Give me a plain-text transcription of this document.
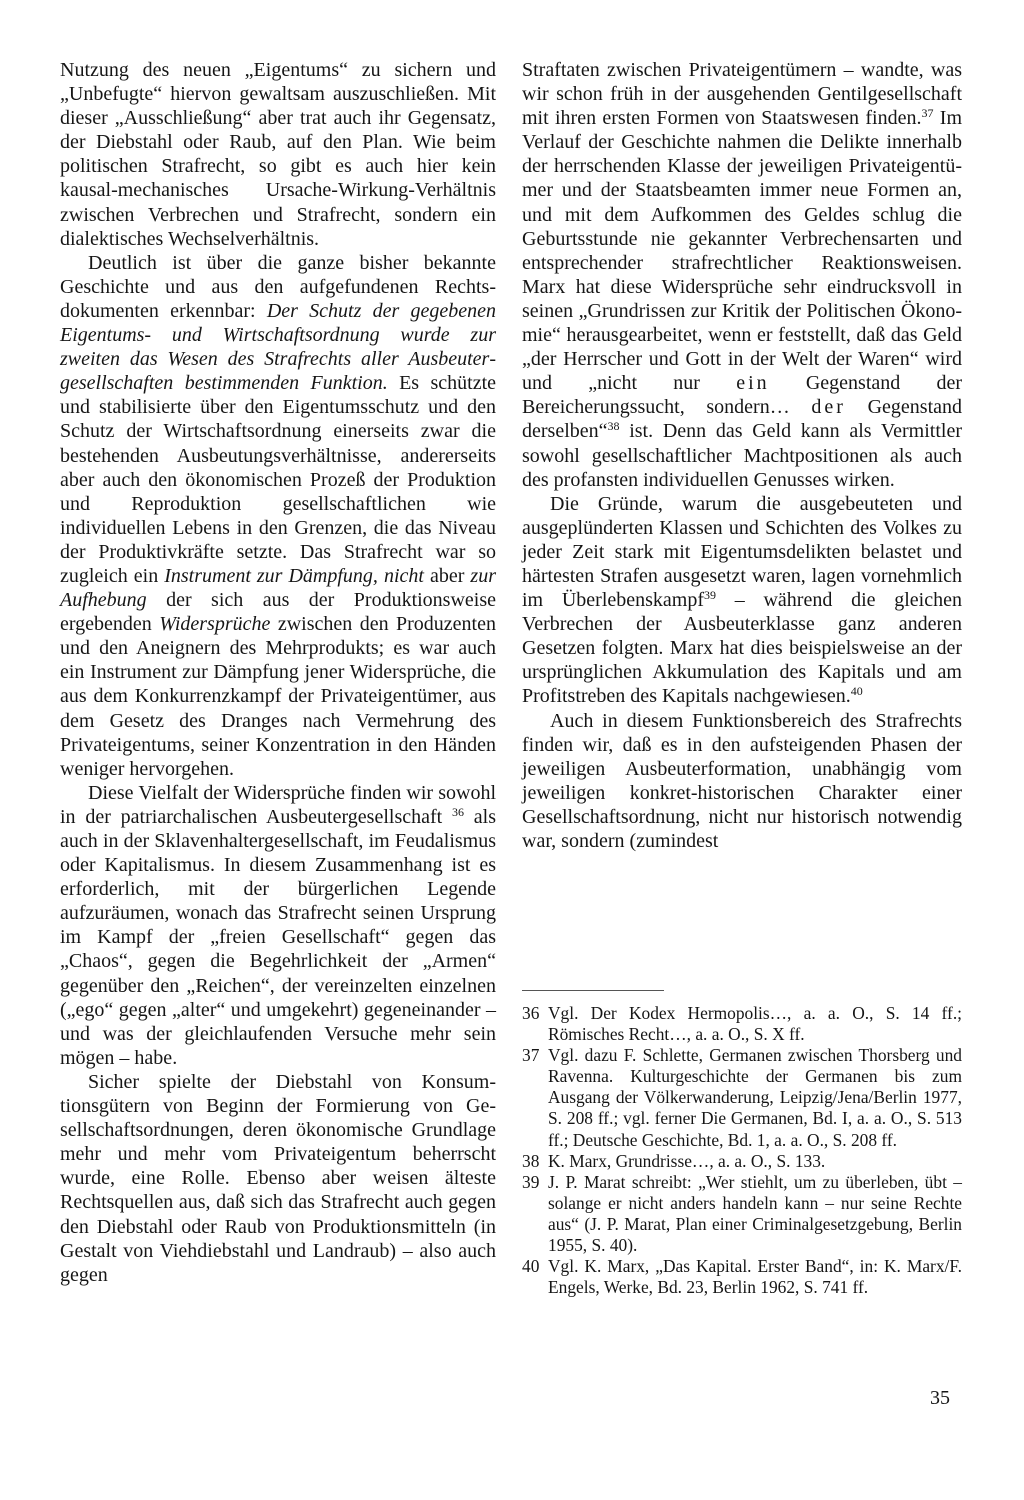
Nutzung des neuen „Eigentums“ zu sichern und „Unbefugte“ hiervon gewaltsam auszuschließen. Mit dieser „Ausschließung“ aber trat auch ihr Gegensatz, der Diebstahl oder Raub, auf den Plan. Wie beim politischen Strafrecht, so gibt es auch hier kein kausal-mechanisches Ursache-Wirkung-Verhältnis zwischen Verbrechen und Strafrecht, sondern ein dialektisches Wechselverhältnis.

Deutlich ist über die ganze bisher bekannte Geschichte und aus den aufgefundenen Rechtsdokumenten erkennbar: Der Schutz der gegebenen Eigentums- und Wirtschaftsordnung wurde zur zweiten das Wesen des Strafrechts aller Ausbeutergesellschaften bestimmenden Funktion. Es schützte und stabilisierte über den Eigentumsschutz und den Schutz der Wirtschaftsordnung einerseits zwar die bestehenden Ausbeutungsverhältnisse, andererseits aber auch den ökonomischen Prozeß der Produktion und Reproduktion gesellschaftlichen wie individuellen Lebens in den Grenzen, die das Niveau der Produktivkräfte setzte. Das Strafrecht war so zugleich ein Instrument zur Dämpfung, nicht aber zur Aufhebung der sich aus der Produktionsweise ergebenden Widersprüche zwischen den Produzenten und den Aneignern des Mehrprodukts; es war auch ein Instrument zur Dämpfung jener Widersprüche, die aus dem Konkurrenzkampf der Privateigentümer, aus dem Gesetz des Dranges nach Vermehrung des Privateigentums, seiner Konzentration in den Händen weniger hervorgehen.

Diese Vielfalt der Widersprüche finden wir sowohl in der patriarchalischen Ausbeutergesellschaft $^{36}$ als auch in der Sklavenhaltergesellschaft, im Feudalismus oder Kapitalismus. In diesem Zusammenhang ist es erforderlich, mit der bürgerlichen Legende aufzuräumen, wonach das Strafrecht seinen Ursprung im Kampf der „freien Gesellschaft“ gegen das „Chaos“, gegen die Begehrlichkeit der „Armen“ gegenüber den „Reichen“, der vereinzelten einzelnen („ego“ gegen „alter“ und umgekehrt) gegeneinander – und was der gleichlaufenden Versuche mehr sein mögen – habe.

Sicher spielte der Diebstahl von Konsumtionsgütern von Beginn der Formierung von Gesellschaftsordnungen, deren ökonomische Grundlage mehr und mehr vom Privateigentum beherrscht wurde, eine Rolle. Ebenso aber weisen älteste Rechtsquellen aus, daß sich das Strafrecht auch gegen den Diebstahl oder Raub von Produktionsmitteln (in Gestalt von Viehdiebstahl und Landraub) – also auch gegen

Straftaten zwischen Privateigentümern – wandte, was wir schon früh in der ausgehenden Gentilgesellschaft mit ihren ersten Formen von Staatswesen finden.$^{37}$ Im Verlauf der Geschichte nahmen die Delikte innerhalb der herrschenden Klasse der jeweiligen Privateigentümer und der Staatsbeamten immer neue Formen an, und mit dem Aufkommen des Geldes schlug die Geburtsstunde nie gekannter Verbrechensarten und entsprechender strafrechtlicher Reaktionsweisen. Marx hat diese Widersprüche sehr eindrucksvoll in seinen „Grundrissen zur Kritik der Politischen Ökonomie“ herausgearbeitet, wenn er feststellt, daß das Geld „der Herrscher und Gott in der Welt der Waren“ wird und „nicht nur ein Gegenstand der Bereicherungssucht, sondern… der Gegenstand derselben“$^{38}$ ist. Denn das Geld kann als Vermittler sowohl gesellschaftlicher Machtpositionen als auch des profansten individuellen Genusses wirken.

Die Gründe, warum die ausgebeuteten und ausgeplünderten Klassen und Schichten des Volkes zu jeder Zeit stark mit Eigentumsdelikten belastet und härtesten Strafen ausgesetzt waren, lagen vornehmlich im Überlebenskampf$^{39}$ – während die gleichen Verbrechen der Ausbeuterklasse ganz anderen Gesetzen folgten. Marx hat dies beispielsweise an der ursprünglichen Akkumulation des Kapitals und am Profitstreben des Kapitals nachgewiesen.$^{40}$

Auch in diesem Funktionsbereich des Strafrechts finden wir, daß es in den aufsteigenden Phasen der jeweiligen Ausbeuterformation, unabhängig vom jeweiligen konkret-historischen Charakter einer Gesellschaftsordnung, nicht nur historisch notwendig war, sondern (zumindest

36 Vgl. Der Kodex Hermopolis…, a. a. O., S. 14 ff.; Römisches Recht…, a. a. O., S. X ff.
37 Vgl. dazu F. Schlette, Germanen zwischen Thorsberg und Ravenna. Kulturgeschichte der Germanen bis zum Ausgang der Völkerwanderung, Leipzig/Jena/Berlin 1977, S. 208 ff.; vgl. ferner Die Germanen, Bd. I, a. a. O., S. 513 ff.; Deutsche Geschichte, Bd. 1, a. a. O., S. 208 ff.
38 K. Marx, Grundrisse…, a. a. O., S. 133.
39 J. P. Marat schreibt: „Wer stiehlt, um zu überleben, übt – solange er nicht anders handeln kann – nur seine Rechte aus“ (J. P. Marat, Plan einer Criminalgesetzgebung, Berlin 1955, S. 40).
40 Vgl. K. Marx, „Das Kapital. Erster Band“, in: K. Marx/F. Engels, Werke, Bd. 23, Berlin 1962, S. 741 ff.
35
